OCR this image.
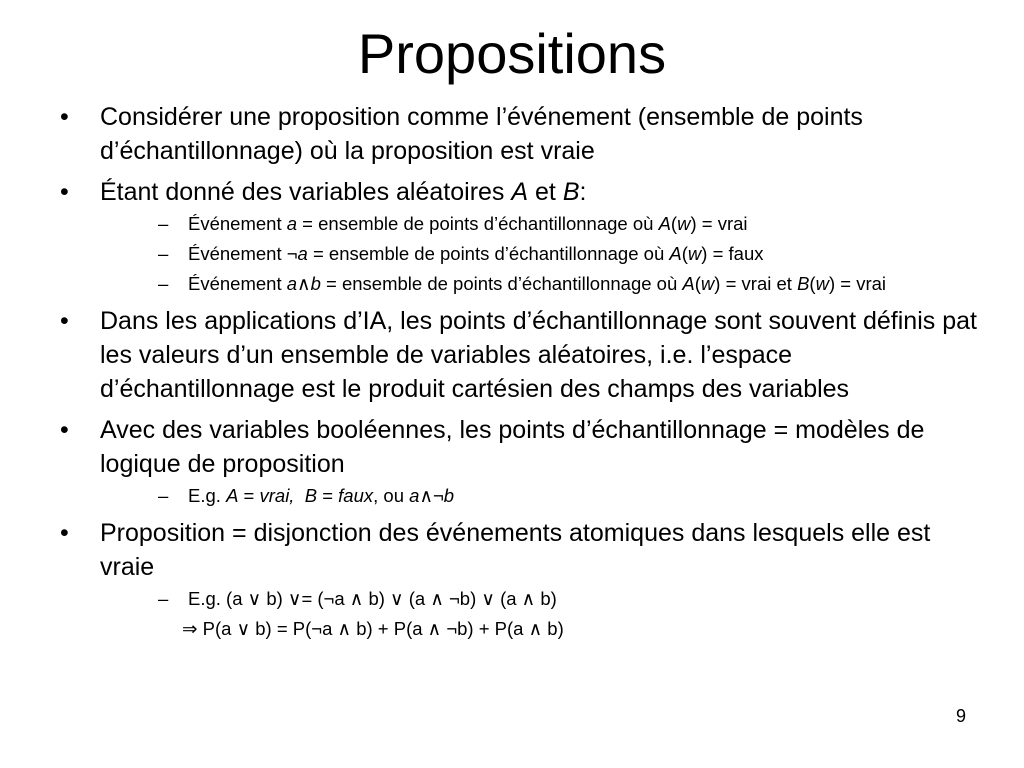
Propositions
• Considérer une proposition comme l’événement (ensemble de points d’échantillonnage) où la proposition est vraie
• Étant donné des variables aléatoires A et B:
– Événement a = ensemble de points d’échantillonnage où A(w) = vrai
– Événement ¬a = ensemble de points d’échantillonnage où A(w) = faux
– Événement a∧b = ensemble de points d’échantillonnage où A(w) = vrai et B(w) = vrai
• Dans les applications d’IA, les points d’échantillonnage sont souvent définis pat les valeurs d’un ensemble de variables aléatoires, i.e. l’espace d’échantillonnage est le produit cartésien des champs des variables
• Avec des variables booléennes, les points d’échantillonnage = modèles de logique de proposition
– E.g. A = vrai, B = faux, ou a∧¬b
• Proposition = disjonction des événements atomiques dans lesquels elle est vraie
– E.g. (a ∨ b) ∨= (¬a ∧ b) ∨ (a ∧ ¬b) ∨ (a ∧ b)
⇒ P(a ∨ b) = P(¬a ∧ b) + P(a ∧ ¬b) + P(a ∧ b)
9
